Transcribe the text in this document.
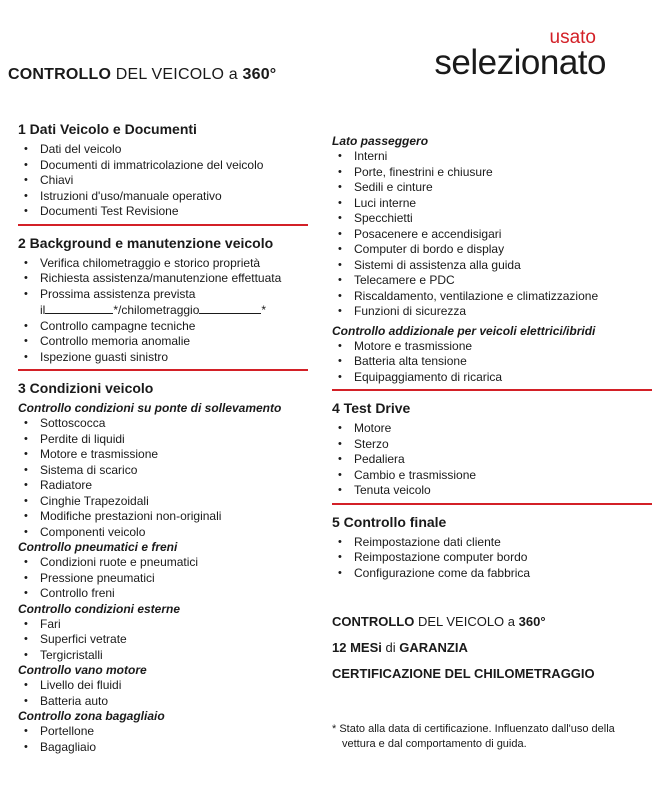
CONTROLLO DEL VEICOLO a 360°
usato
selezionato
1 Dati Veicolo e Documenti
• Dati del veicolo
• Documenti di immatricolazione del veicolo
• Chiavi
• Istruzioni d'uso/manuale operativo
• Documenti Test Revisione
2 Background e manutenzione veicolo
• Verifica chilometraggio e storico proprietà
• Richiesta assistenza/manutenzione effettuata
• Prossima assistenza prevista
il	*/chilometraggio	*
• Controllo campagne tecniche
• Controllo memoria anomalie
• Ispezione guasti sinistro
3 Condizioni veicolo
Controllo condizioni su ponte di sollevamento
• Sottoscocca
• Perdite di liquidi
• Motore e trasmissione
• Sistema di scarico
• Radiatore
• Cinghie Trapezoidali
• Modifiche prestazioni non-originali
• Componenti veicolo
Controllo pneumatici e freni
• Condizioni ruote e pneumatici
• Pressione pneumatici
• Controllo freni
Controllo condizioni esterne
• Fari
• Superfici vetrate
• Tergicristalli
Controllo vano motore
• Livello dei fluidi
• Batteria auto
Controllo zona bagagliaio
• Portellone
• Bagagliaio
Lato passeggero
• Interni
• Porte, finestrini e chiusure
• Sedili e cinture
• Luci interne
• Specchietti
• Posacenere e accendisigari
• Computer di bordo e display
• Sistemi di assistenza alla guida
• Telecamere e PDC
• Riscaldamento, ventilazione e climatizzazione
• Funzioni di sicurezza
Controllo addizionale per veicoli elettrici/ibridi
• Motore e trasmissione
• Batteria alta tensione
• Equipaggiamento di ricarica
4 Test Drive
• Motore
• Sterzo
• Pedaliera
• Cambio e trasmissione
• Tenuta veicolo
5 Controllo finale
• Reimpostazione dati cliente
• Reimpostazione computer bordo
• Configurazione come da fabbrica
CONTROLLO DEL VEICOLO a 360°
12 MESi di GARANZIA
CERTIFICAZIONE DEL CHILOMETRAGGIO
* Stato alla data di certificazione. Influenzato dall'uso della
vettura e dal comportamento di guida.
